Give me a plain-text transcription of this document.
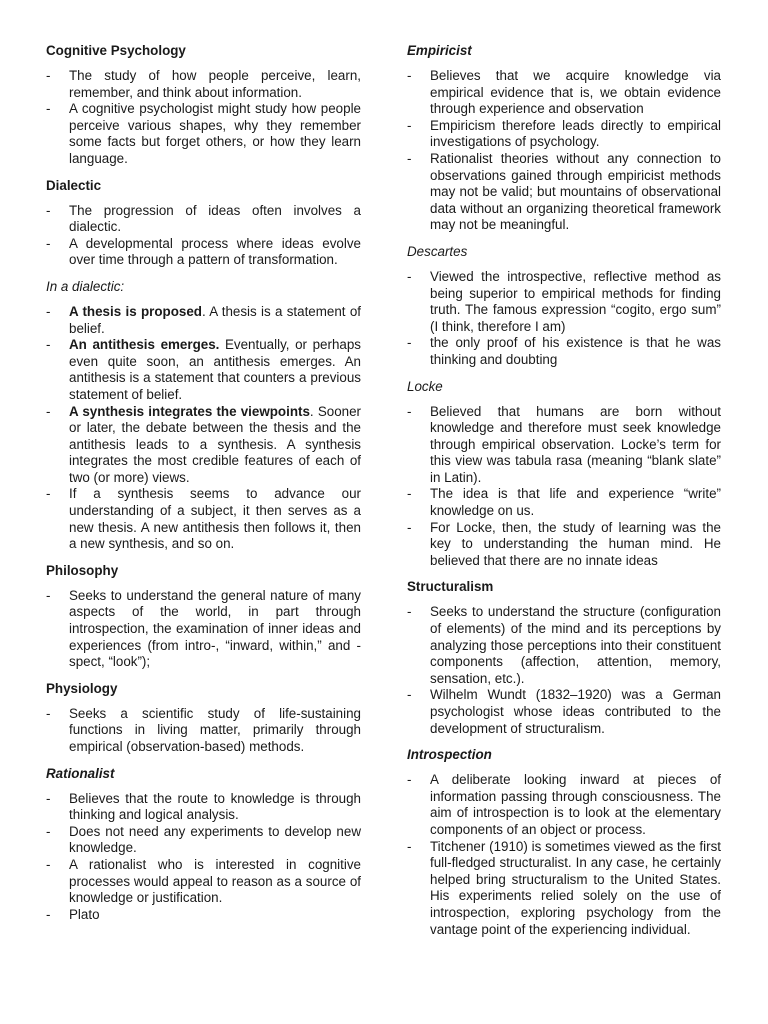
Cognitive Psychology
- The study of how people perceive, learn, remember, and think about information.
- A cognitive psychologist might study how people perceive various shapes, why they remember some facts but forget others, or how they learn language.
Dialectic
- The progression of ideas often involves a dialectic.
- A developmental process where ideas evolve over time through a pattern of transformation.
In a dialectic:
- A thesis is proposed. A thesis is a statement of belief.
- An antithesis emerges. Eventually, or perhaps even quite soon, an antithesis emerges. An antithesis is a statement that counters a previous statement of belief.
- A synthesis integrates the viewpoints. Sooner or later, the debate between the thesis and the antithesis leads to a synthesis. A synthesis integrates the most credible features of each of two (or more) views.
- If a synthesis seems to advance our understanding of a subject, it then serves as a new thesis. A new antithesis then follows it, then a new synthesis, and so on.
Philosophy
- Seeks to understand the general nature of many aspects of the world, in part through introspection, the examination of inner ideas and experiences (from intro-, “inward, within,” and -spect, “look”);
Physiology
- Seeks a scientific study of life-sustaining functions in living matter, primarily through empirical (observation-based) methods.
Rationalist
- Believes that the route to knowledge is through thinking and logical analysis.
- Does not need any experiments to develop new knowledge.
- A rationalist who is interested in cognitive processes would appeal to reason as a source of knowledge or justification.
- Plato
Empiricist
- Believes that we acquire knowledge via empirical evidence that is, we obtain evidence through experience and observation
- Empiricism therefore leads directly to empirical investigations of psychology.
- Rationalist theories without any connection to observations gained through empiricist methods may not be valid; but mountains of observational data without an organizing theoretical framework may not be meaningful.
Descartes
- Viewed the introspective, reflective method as being superior to empirical methods for finding truth. The famous expression “cogito, ergo sum” (I think, therefore I am)
- the only proof of his existence is that he was thinking and doubting
Locke
- Believed that humans are born without knowledge and therefore must seek knowledge through empirical observation. Locke’s term for this view was tabula rasa (meaning “blank slate” in Latin).
- The idea is that life and experience “write” knowledge on us.
- For Locke, then, the study of learning was the key to understanding the human mind. He believed that there are no innate ideas
Structuralism
- Seeks to understand the structure (configuration of elements) of the mind and its perceptions by analyzing those perceptions into their constituent components (affection, attention, memory, sensation, etc.).
- Wilhelm Wundt (1832–1920) was a German psychologist whose ideas contributed to the development of structuralism.
Introspection
- A deliberate looking inward at pieces of information passing through consciousness. The aim of introspection is to look at the elementary components of an object or process.
- Titchener (1910) is sometimes viewed as the first full-fledged structuralist. In any case, he certainly helped bring structuralism to the United States. His experiments relied solely on the use of introspection, exploring psychology from the vantage point of the experiencing individual.
